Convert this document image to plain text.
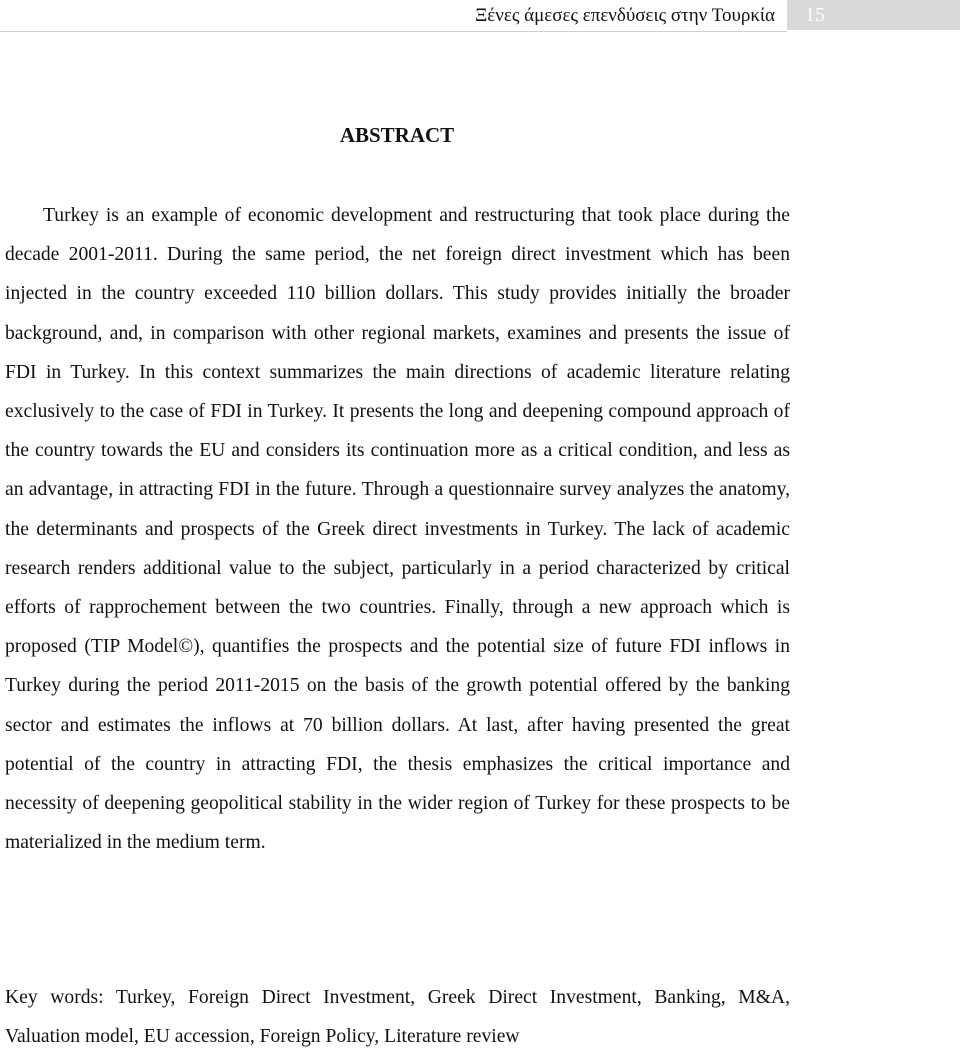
Ξένες άμεσες επενδύσεις στην Τουρκία 15
ABSTRACT

Turkey is an example of economic development and restructuring that took place during the decade 2001-2011. During the same period, the net foreign direct investment which has been injected in the country exceeded 110 billion dollars. This study provides initially the broader background, and, in comparison with other regional markets, examines and presents the issue of FDI in Turkey. In this context summarizes the main directions of academic literature relating exclusively to the case of FDI in Turkey. It presents the long and deepening compound approach of the country towards the EU and considers its continuation more as a critical condition, and less as an advantage, in attracting FDI in the future. Through a questionnaire survey analyzes the anatomy, the determinants and prospects of the Greek direct investments in Turkey. The lack of academic research renders additional value to the subject, particularly in a period characterized by critical efforts of rapprochement between the two countries. Finally, through a new approach which is proposed (TIP Model©), quantifies the prospects and the potential size of future FDI inflows in Turkey during the period 2011-2015 on the basis of the growth potential offered by the banking sector and estimates the inflows at 70 billion dollars. At last, after having presented the great potential of the country in attracting FDI, the thesis emphasizes the critical importance and necessity of deepening geopolitical stability in the wider region of Turkey for these prospects to be materialized in the medium term.

Key words: Turkey, Foreign Direct Investment, Greek Direct Investment, Banking, M&A, Valuation model, EU accession, Foreign Policy, Literature review
